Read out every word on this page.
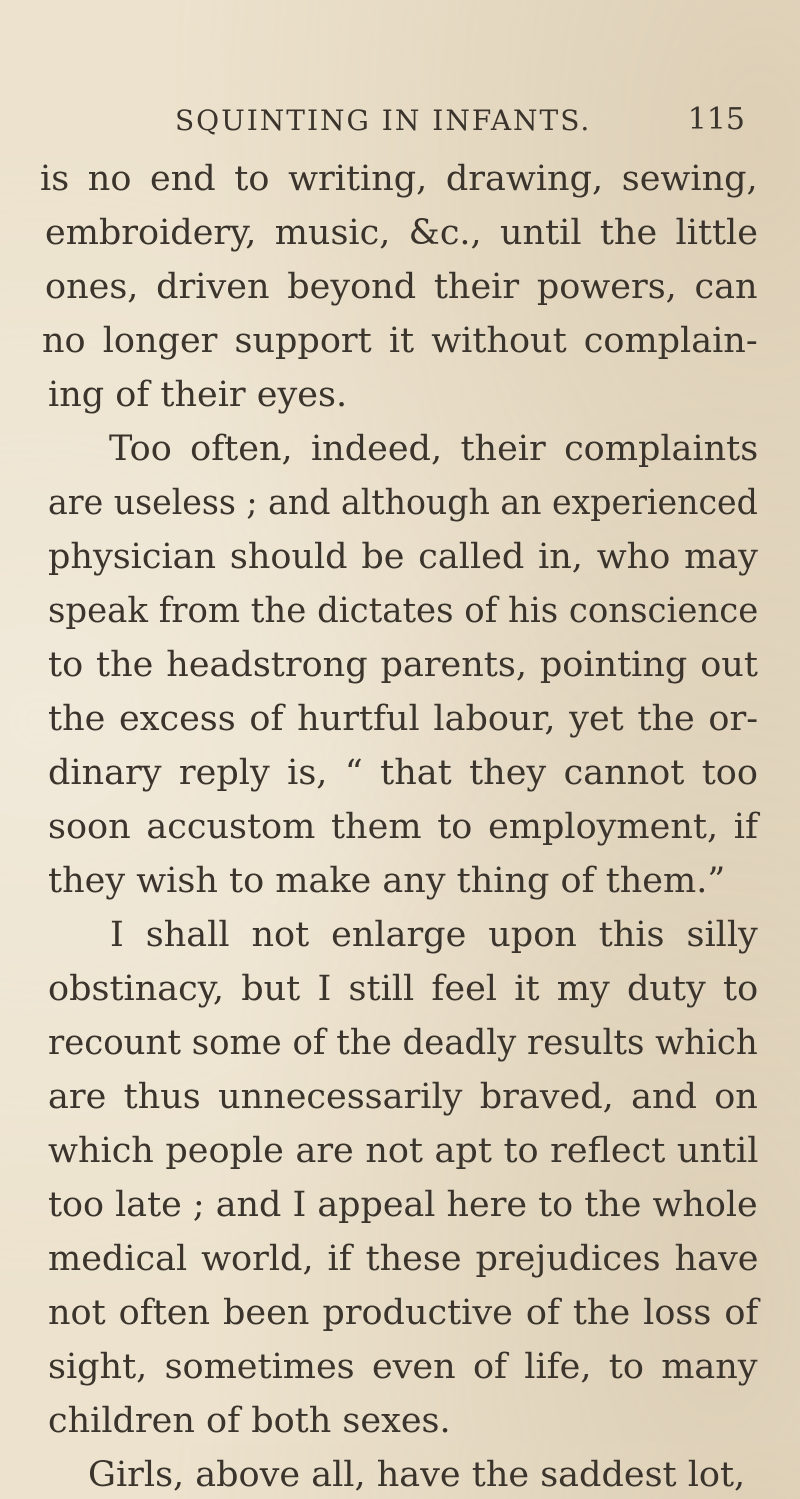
SQUINTING IN INFANTS.	115
is no end to writing, drawing, sewing,
embroidery, music, &c., until the little
ones, driven beyond their powers, can
no longer support it without complain-
ing of their eyes.
Too often, indeed, their complaints
are useless ; and although an experienced
physician should be called in, who may
speak from the dictates of his conscience
to the headstrong parents, pointing out
the excess of hurtful labour, yet the or-
dinary reply is, “ that they cannot too
soon accustom them to employment, if
they wish to make any thing of them.”
I shall not enlarge upon this silly
obstinacy, but I still feel it my duty to
recount some of the deadly results which
are thus unnecessarily braved, and on
which people are not apt to reflect until
too late ; and I appeal here to the whole
medical world, if these prejudices have
not often been productive of the loss of
sight, sometimes even of life, to many
children of both sexes.
Girls, above all, have the saddest lot,
